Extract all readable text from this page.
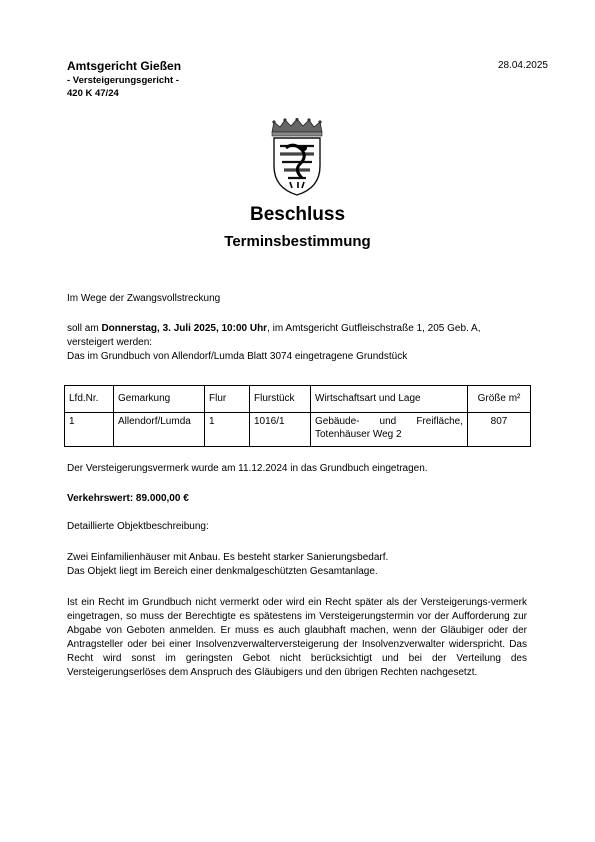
Amtsgericht Gießen
- Versteigerungsgericht -
420 K 47/24
28.04.2025
Beschluss
Terminsbestimmung
Im Wege der Zwangsvollstreckung
soll am Donnerstag, 3. Juli 2025, 10:00 Uhr, im Amtsgericht Gutfleischstraße 1, 205 Geb. A,
versteigert werden:
Das im Grundbuch von Allendorf/Lumda Blatt 3074 eingetragene Grundstück
Lfd.Nr.	Gemarkung	Flur	Flurstück	Wirtschaftsart und Lage	Größe m²
1	Allendorf/Lumda	1	1016/1	Gebäude- und Freifläche, Totenhäuser Weg 2	807
Der Versteigerungsvermerk wurde am 11.12.2024 in das Grundbuch eingetragen.
Verkehrswert: 89.000,00 €
Detaillierte Objektbeschreibung:
Zwei Einfamilienhäuser mit Anbau. Es besteht starker Sanierungsbedarf.
Das Objekt liegt im Bereich einer denkmalgeschützten Gesamtanlage.
Ist ein Recht im Grundbuch nicht vermerkt oder wird ein Recht später als der Versteigerungs-vermerk eingetragen, so muss der Berechtigte es spätestens im Versteigerungstermin vor der Aufforderung zur Abgabe von Geboten anmelden. Er muss es auch glaubhaft machen, wenn der Gläubiger oder der Antragsteller oder bei einer Insolvenzverwalterversteigerung der Insolvenzverwalter widerspricht. Das Recht wird sonst im geringsten Gebot nicht berücksichtigt und bei der Verteilung des Versteigerungserlöses dem Anspruch des Gläubigers und den übrigen Rechten nachgesetzt.
